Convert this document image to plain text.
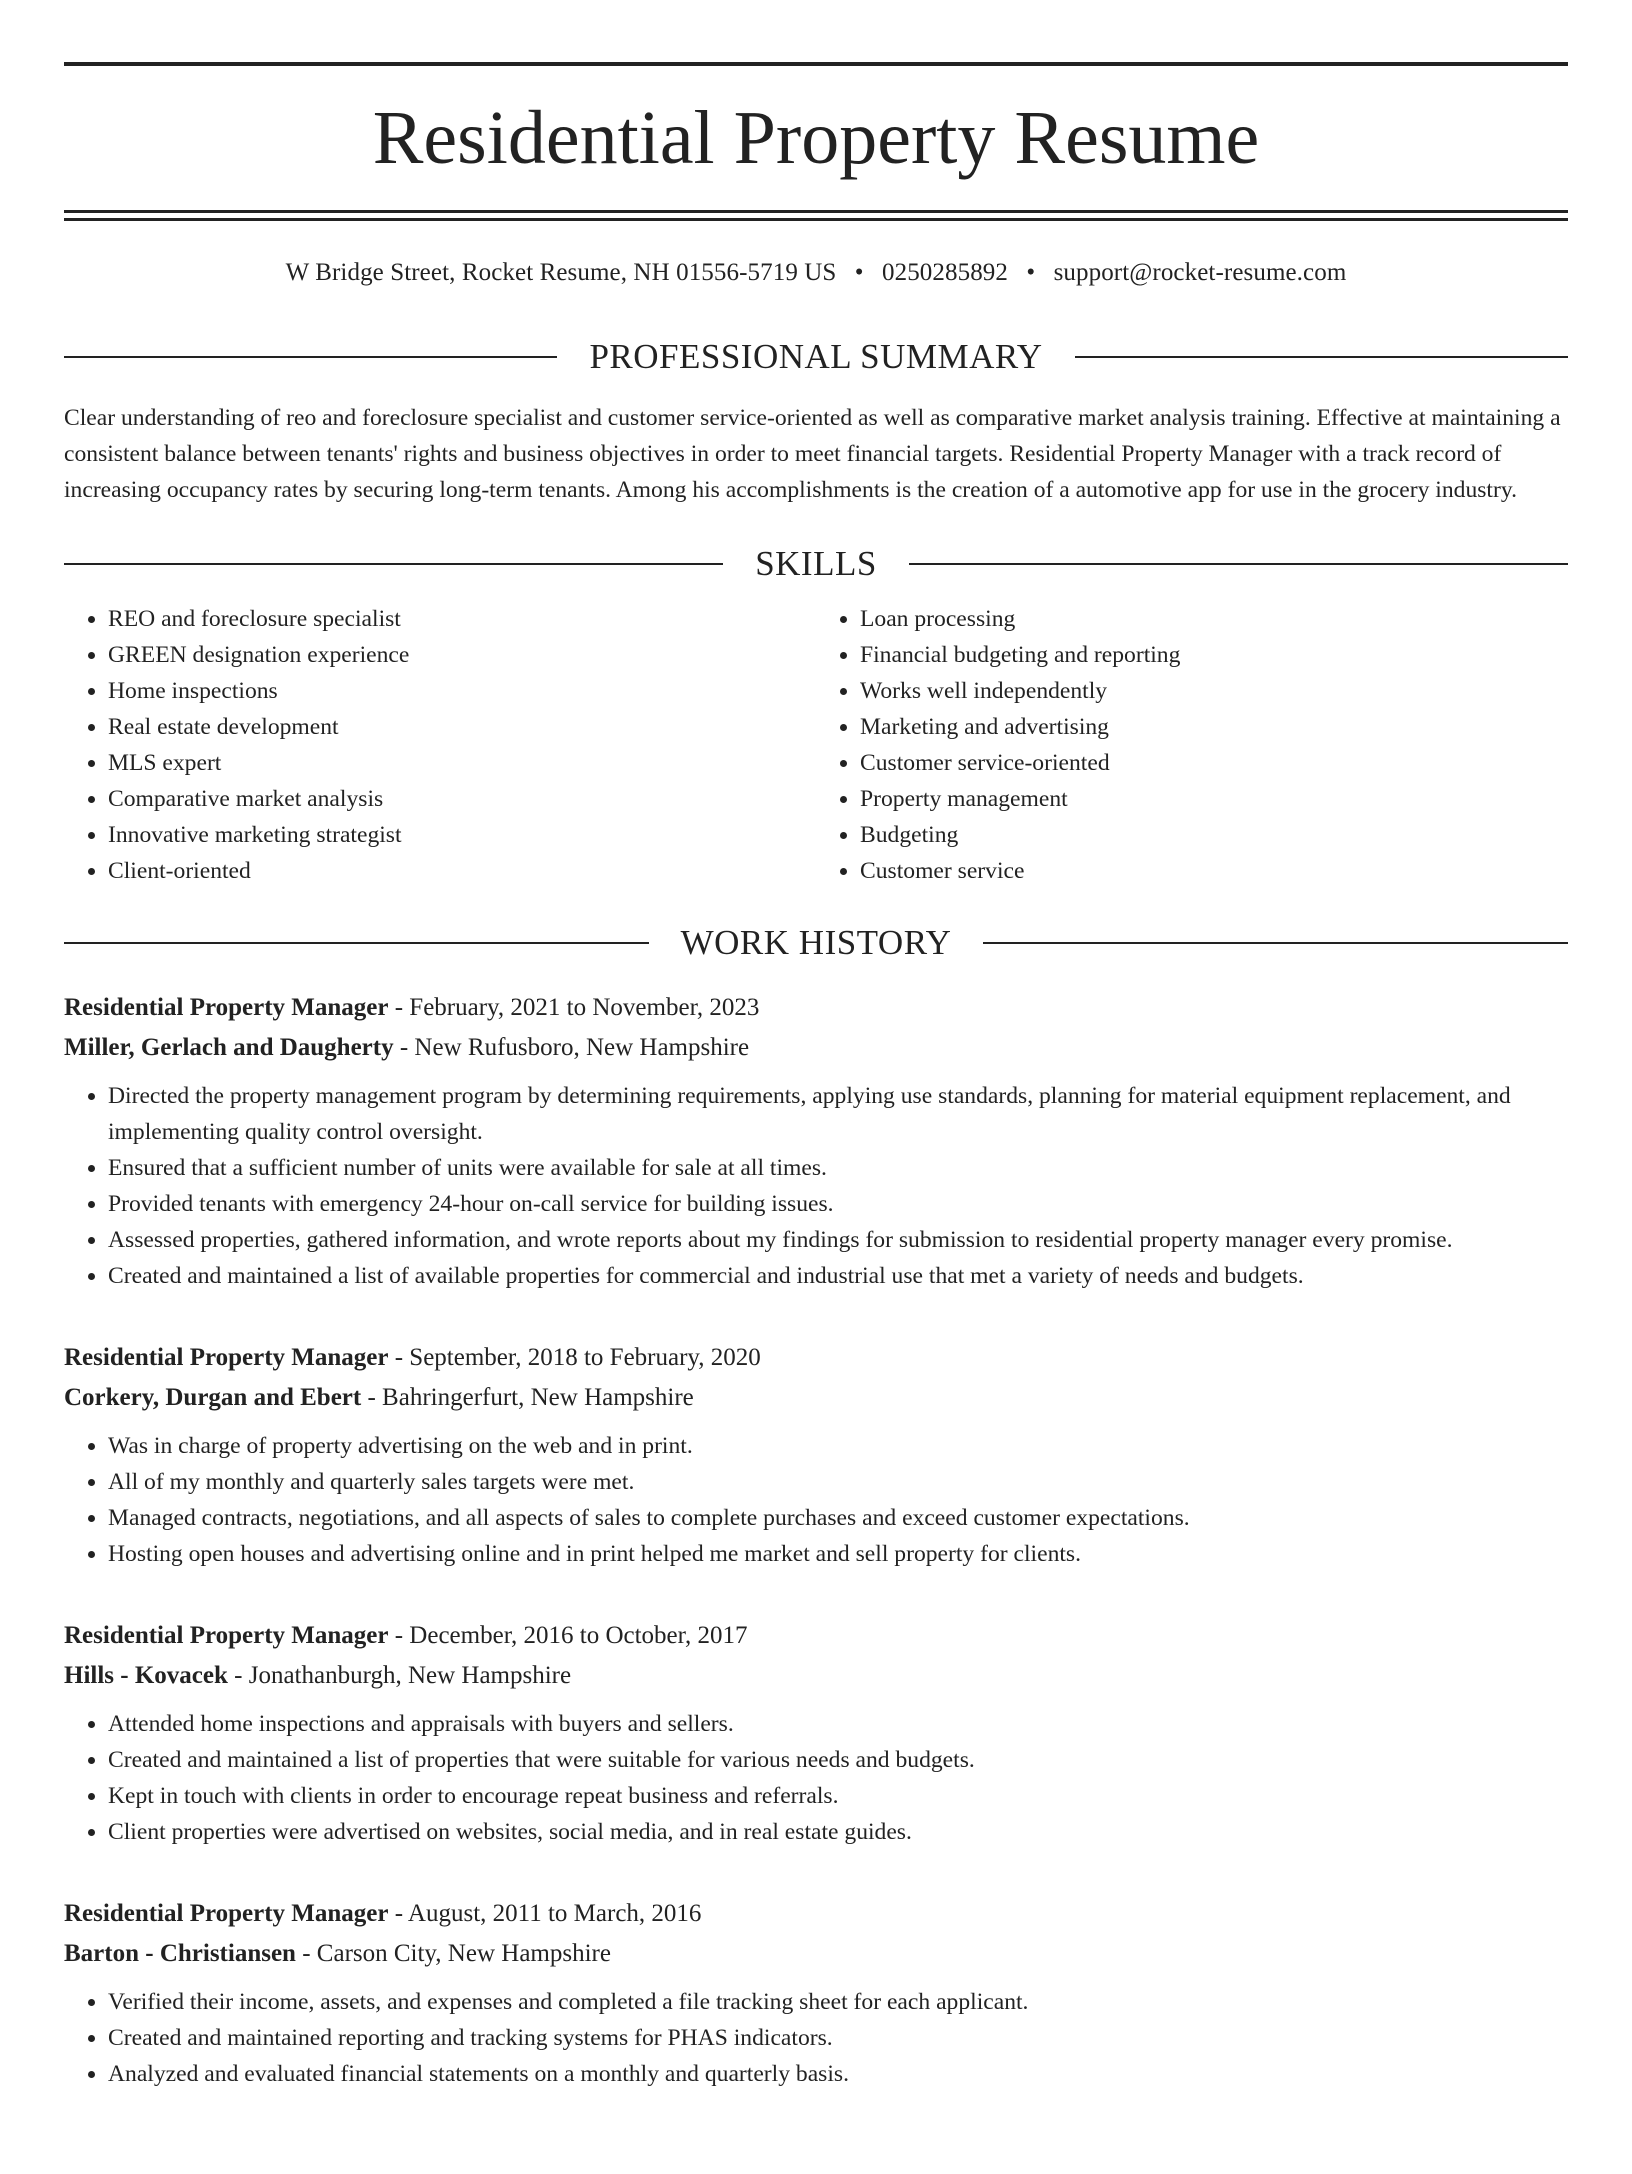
Residential Property Resume
W Bridge Street, Rocket Resume, NH 01556-5719 US • 0250285892 • support@rocket-resume.com
PROFESSIONAL SUMMARY

Clear understanding of reo and foreclosure specialist and customer service-oriented as well as comparative market analysis training. Effective at maintaining a consistent balance between tenants' rights and business objectives in order to meet financial targets. Residential Property Manager with a track record of increasing occupancy rates by securing long-term tenants. Among his accomplishments is the creation of a automotive app for use in the grocery industry.

SKILLS
• REO and foreclosure specialist
• GREEN designation experience
• Home inspections
• Real estate development
• MLS expert
• Comparative market analysis
• Innovative marketing strategist
• Client-oriented
• Loan processing
• Financial budgeting and reporting
• Works well independently
• Marketing and advertising
• Customer service-oriented
• Property management
• Budgeting
• Customer service
WORK HISTORY
Residential Property Manager - February, 2021 to November, 2023
Miller, Gerlach and Daugherty - New Rufusboro, New Hampshire
• Directed the property management program by determining requirements, applying use standards, planning for material equipment replacement, and implementing quality control oversight.
• Ensured that a sufficient number of units were available for sale at all times.
• Provided tenants with emergency 24-hour on-call service for building issues.
• Assessed properties, gathered information, and wrote reports about my findings for submission to residential property manager every promise.
• Created and maintained a list of available properties for commercial and industrial use that met a variety of needs and budgets.
Residential Property Manager - September, 2018 to February, 2020
Corkery, Durgan and Ebert - Bahringerfurt, New Hampshire
• Was in charge of property advertising on the web and in print.
• All of my monthly and quarterly sales targets were met.
• Managed contracts, negotiations, and all aspects of sales to complete purchases and exceed customer expectations.
• Hosting open houses and advertising online and in print helped me market and sell property for clients.
Residential Property Manager - December, 2016 to October, 2017
Hills - Kovacek - Jonathanburgh, New Hampshire
• Attended home inspections and appraisals with buyers and sellers.
• Created and maintained a list of properties that were suitable for various needs and budgets.
• Kept in touch with clients in order to encourage repeat business and referrals.
• Client properties were advertised on websites, social media, and in real estate guides.
Residential Property Manager - August, 2011 to March, 2016
Barton - Christiansen - Carson City, New Hampshire
• Verified their income, assets, and expenses and completed a file tracking sheet for each applicant.
• Created and maintained reporting and tracking systems for PHAS indicators.
• Analyzed and evaluated financial statements on a monthly and quarterly basis.
